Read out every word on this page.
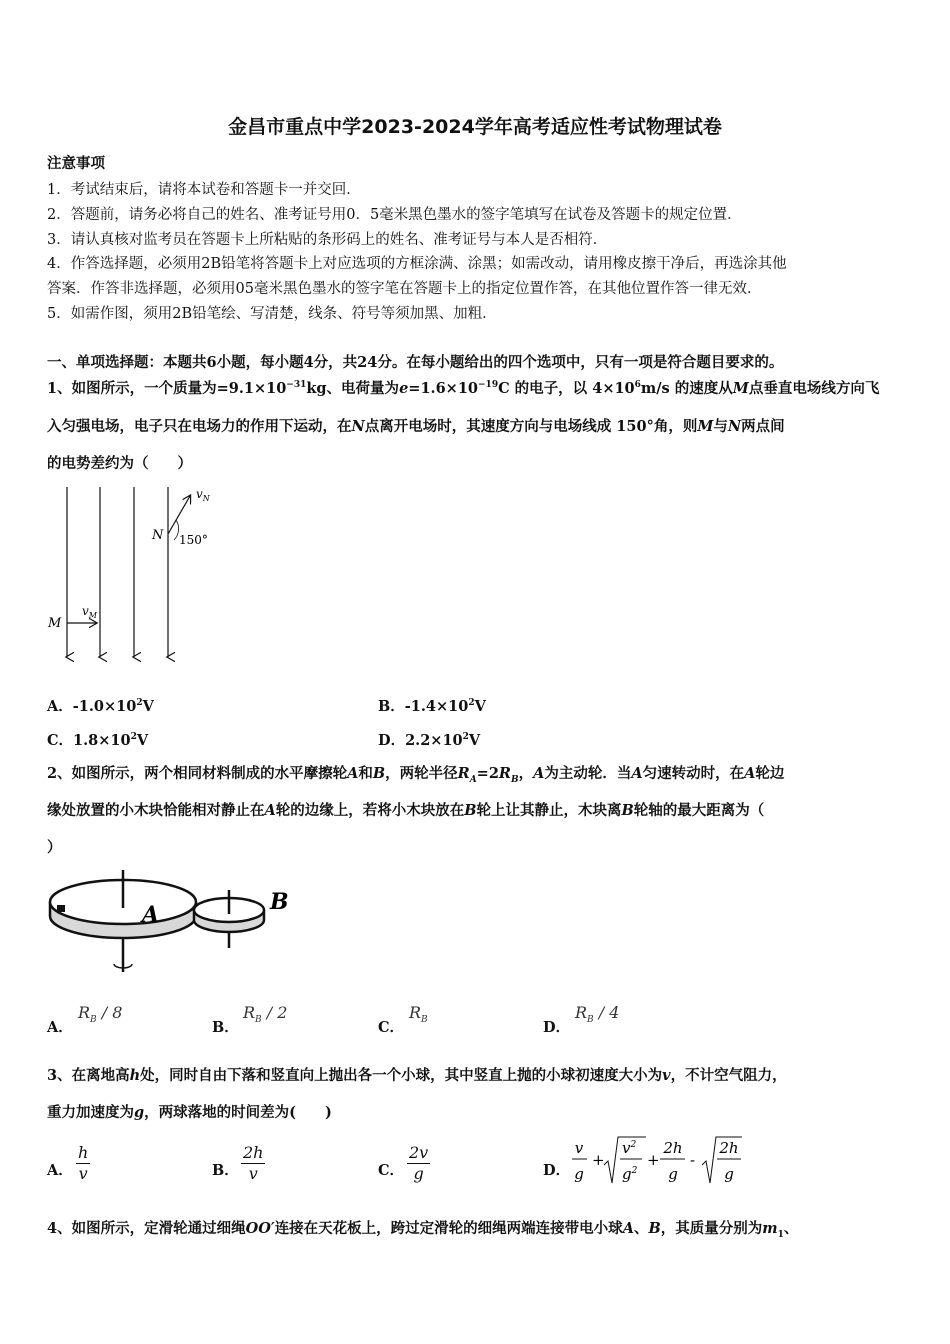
金昌市重点中学2023-2024学年高考适应性考试物理试卷
注意事项
1．考试结束后，请将本试卷和答题卡一并交回．
2．答题前，请务必将自己的姓名、准考证号用0．5毫米黑色墨水的签字笔填写在试卷及答题卡的规定位置．
3．请认真核对监考员在答题卡上所粘贴的条形码上的姓名、准考证号与本人是否相符．
4．作答选择题，必须用2B铅笔将答题卡上对应选项的方框涂满、涂黑；如需改动，请用橡皮擦干净后，再选涂其他
答案．作答非选择题，必须用05毫米黑色墨水的签字笔在答题卡上的指定位置作答，在其他位置作答一律无效．
5．如需作图，须用2B铅笔绘、写清楚，线条、符号等须加黑、加粗．
一、单项选择题：本题共6小题，每小题4分，共24分。在每小题给出的四个选项中，只有一项是符合题目要求的。
1、如图所示，一个质量为$=9.1\times 10^{-31}kg$、电荷量为$e=1.6\times 10^{-19}C$ 的电子，以 $4\times 10^6m/s$ 的速度从M点垂直电场线方向飞
入匀强电场，电子只在电场力的作用下运动，在N点离开电场时，其速度方向与电场线成 150°角，则M与N两点间
的电势差约为（　　）
$v_N$
N 150°
M
$v_M$
A．$-1.0\times 10^2V$	B．$-1.4\times 10^2V$
C．$1.8\times 10^2V$	D．$2.2\times 10^2V$
2、如图所示，两个相同材料制成的水平摩擦轮A和B，两轮半径$R_A=2R_B$，A为主动轮．当A匀速转动时，在A轮边
缘处放置的小木块恰能相对静止在A轮的边缘上，若将小木块放在B轮上让其静止，木块离B轮轴的最大距离为（
）
A	B
A．
$R_B / 8$
B．
$R_B / 2$
C．
$R_B$	D．
$R_B / 4$
3、在离地高h处，同时自由下落和竖直向上抛出各一个小球，其中竖直上抛的小球初速度大小为v，不计空气阻力，
重力加速度为g，两球落地的时间差为(　　)
A． $\frac{h}{v}$	B． $\frac{2h}{v}$	C． $\frac{2v}{g}$	D．
v
g
+
$v^2$
$g^2$
+
2h
g
-
2h
g
4、如图所示，定滑轮通过细绳OO′连接在天花板上，跨过定滑轮的细绳两端连接带电小球A、B，其质量分别为$m_1$、
